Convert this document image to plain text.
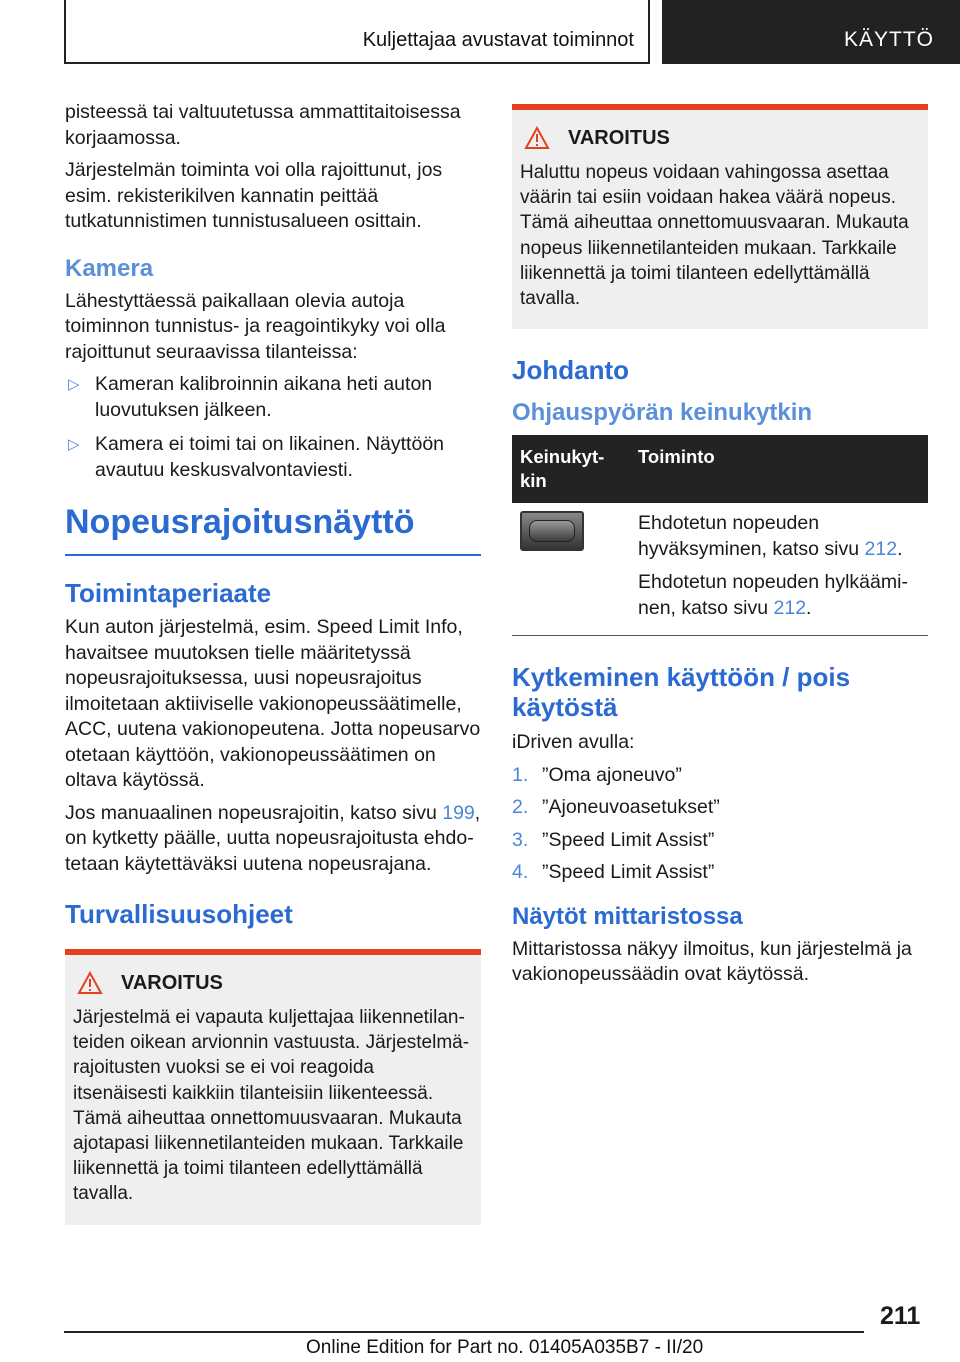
Kuljettajaa avustavat toiminnot	KÄYTTÖ

pisteessä tai valtuutetussa ammattitaitoisessa korjaamossa.

Järjestelmän toiminta voi olla rajoittunut, jos esim. rekisterikilven kannatin peittää tutkatunnistimen tunnistusalueen osittain.

Kamera

Lähestyttäessä paikallaan olevia autoja toiminnon tunnistus- ja reagointikyky voi olla rajoittunut seuraavissa tilanteissa:

▷ Kameran kalibroinnin aikana heti auton luovutuksen jälkeen.
▷ Kamera ei toimi tai on likainen. Näyttöön avautuu keskusvalvontaviesti.
Nopeusrajoitusnäyttö
Toimintaperiaate

Kun auton järjestelmä, esim. Speed Limit Info, havaitsee muutoksen tielle määritetyssä nopeusrajoituksessa, uusi nopeusrajoitus ilmoitetaan aktiiviselle vakionopeussäätimelle, ACC, uutena vakionopeutena. Jotta nopeusarvo otetaan käyttöön, vakionopeussäätimen on oltava käytössä.

Jos manuaalinen nopeusrajoitin, katso sivu 199, on kytketty päälle, uutta nopeusrajoitusta ehdotetaan käytettäväksi uutena nopeusrajana.

Turvallisuusohjeet
VAROITUS

Järjestelmä ei vapauta kuljettajaa liikennetilanteiden oikean arvionnin vastuusta. Järjestelmärajoitusten vuoksi se ei voi reagoida itsenäisesti kaikkiin tilanteisiin liikenteessä. Tämä aiheuttaa onnettomuusvaaran. Mukauta ajotapasi liikennetilanteiden mukaan. Tarkkaile liikennettä ja toimi tilanteen edellyttämällä tavalla.

VAROITUS

Haluttu nopeus voidaan vahingossa asettaa väärin tai esiin voidaan hakea väärä nopeus. Tämä aiheuttaa onnettomuusvaaran. Mukauta nopeus liikennetilanteiden mukaan. Tarkkaile liikennettä ja toimi tilanteen edellyttämällä tavalla.

Johdanto
Ohjauspyörän keinukytkin
Keinukytkin	Toiminto

	Ehdotetun nopeuden hyväksyminen, katso sivu 212.

Ehdotetun nopeuden hylkääminen, katso sivu 212.

Kytkeminen käyttöön / pois käytöstä

iDriven avulla:

1. ”Oma ajoneuvo”
2. ”Ajoneuvoasetukset”
3. ”Speed Limit Assist”
4. ”Speed Limit Assist”
Näytöt mittaristossa

Mittaristossa näkyy ilmoitus, kun järjestelmä ja vakionopeussäädin ovat käytössä.

211
Online Edition for Part no. 01405A035B7 - II/20
